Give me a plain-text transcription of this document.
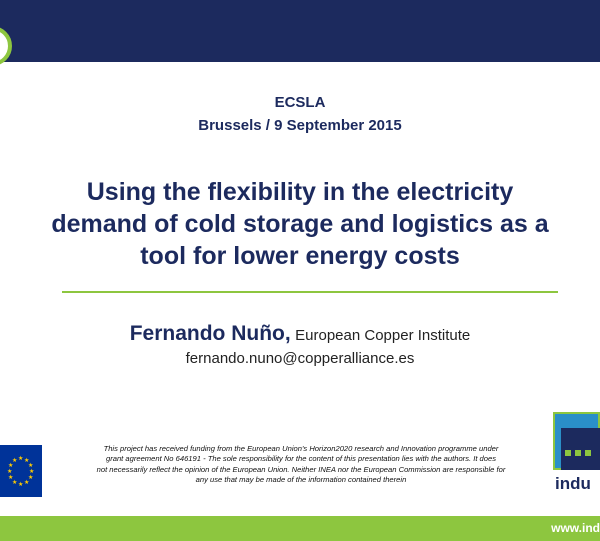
ECSLA
Brussels / 9 September 2015
Using the flexibility in the electricity
demand of cold storage and logistics as a
tool for lower energy costs
Fernando Nuño, European Copper Institute
fernando.nuno@copperalliance.es
★ ★
★
★
★
★
★
★
★
★
★
★
This project has received funding from the European Union's Horizon2020 research and Innovation programme under
grant agreement No 646191 - The sole responsibility for the content of this presentation lies with the authors. It does
not necessarily reflect the opinion of the European Union. Neither INEA nor the European Commission are responsible for
any use that may be made of the information contained therein	indu
www.ind
